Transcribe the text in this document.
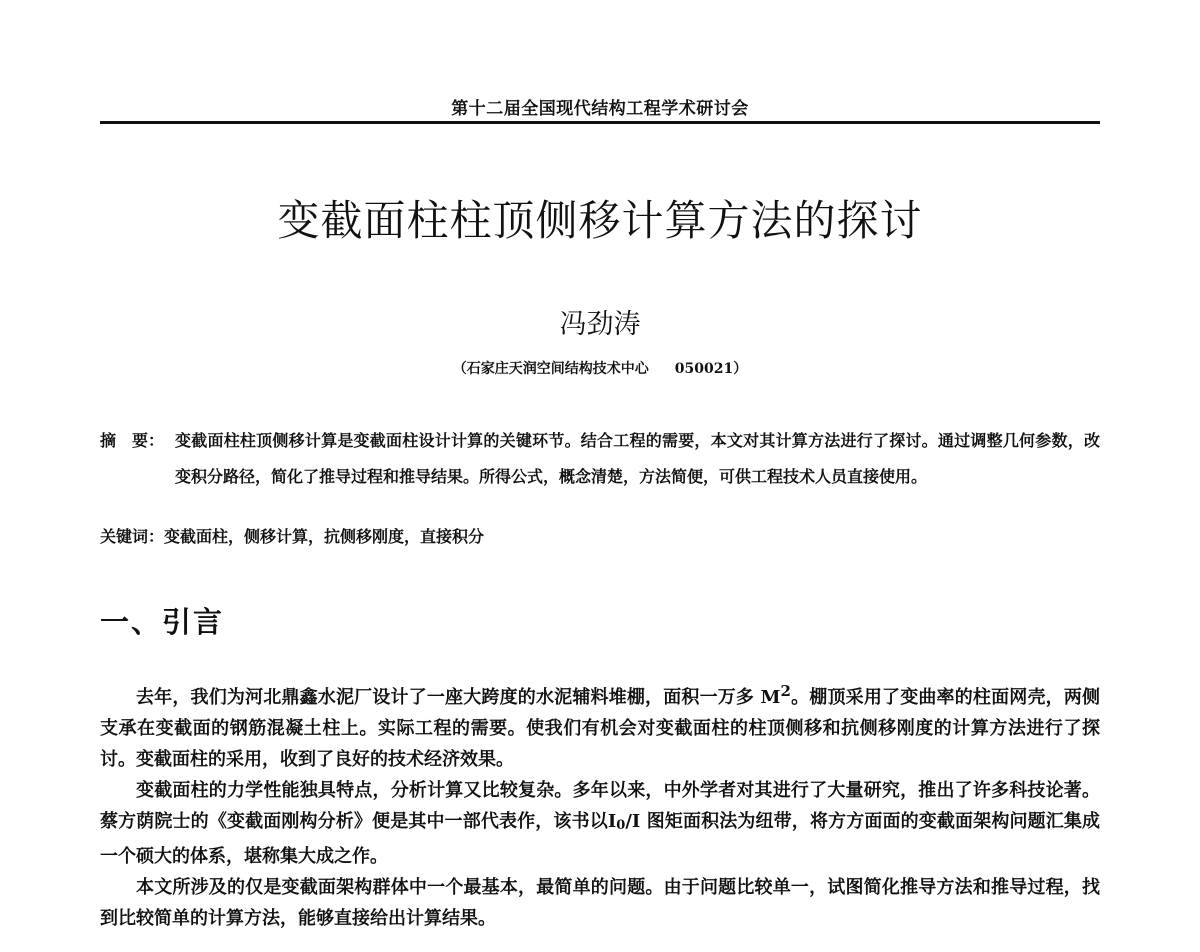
第十二届全国现代结构工程学术研讨会
变截面柱柱顶侧移计算方法的探讨
冯劲涛
（石家庄天润空间结构技术中心 050021）
摘　要： 变截面柱柱顶侧移计算是变截面柱设计计算的关键环节。结合工程的需要，本文对其计算方法进行了探讨。通过调整几何参数，改变积分路径，简化了推导过程和推导结果。所得公式，概念清楚，方法简便，可供工程技术人员直接使用。
关键词：变截面柱，侧移计算，抗侧移刚度，直接积分
一、引言

去年，我们为河北鼎鑫水泥厂设计了一座大跨度的水泥辅料堆棚，面积一万多 $M^2$。棚顶采用了变曲率的柱面网壳，两侧支承在变截面的钢筋混凝土柱上。实际工程的需要。使我们有机会对变截面柱的柱顶侧移和抗侧移刚度的计算方法进行了探讨。变截面柱的采用，收到了良好的技术经济效果。

变截面柱的力学性能独具特点，分析计算又比较复杂。多年以来，中外学者对其进行了大量研究，推出了许多科技论著。蔡方荫院士的《变截面刚构分析》便是其中一部代表作，该书以I0/I 图矩面积法为纽带，将方方面面的变截面架构问题汇集成一个硕大的体系，堪称集大成之作。

本文所涉及的仅是变截面架构群体中一个最基本，最简单的问题。由于问题比较单一，试图简化推导方法和推导过程，找到比较简单的计算方法，能够直接给出计算结果。
